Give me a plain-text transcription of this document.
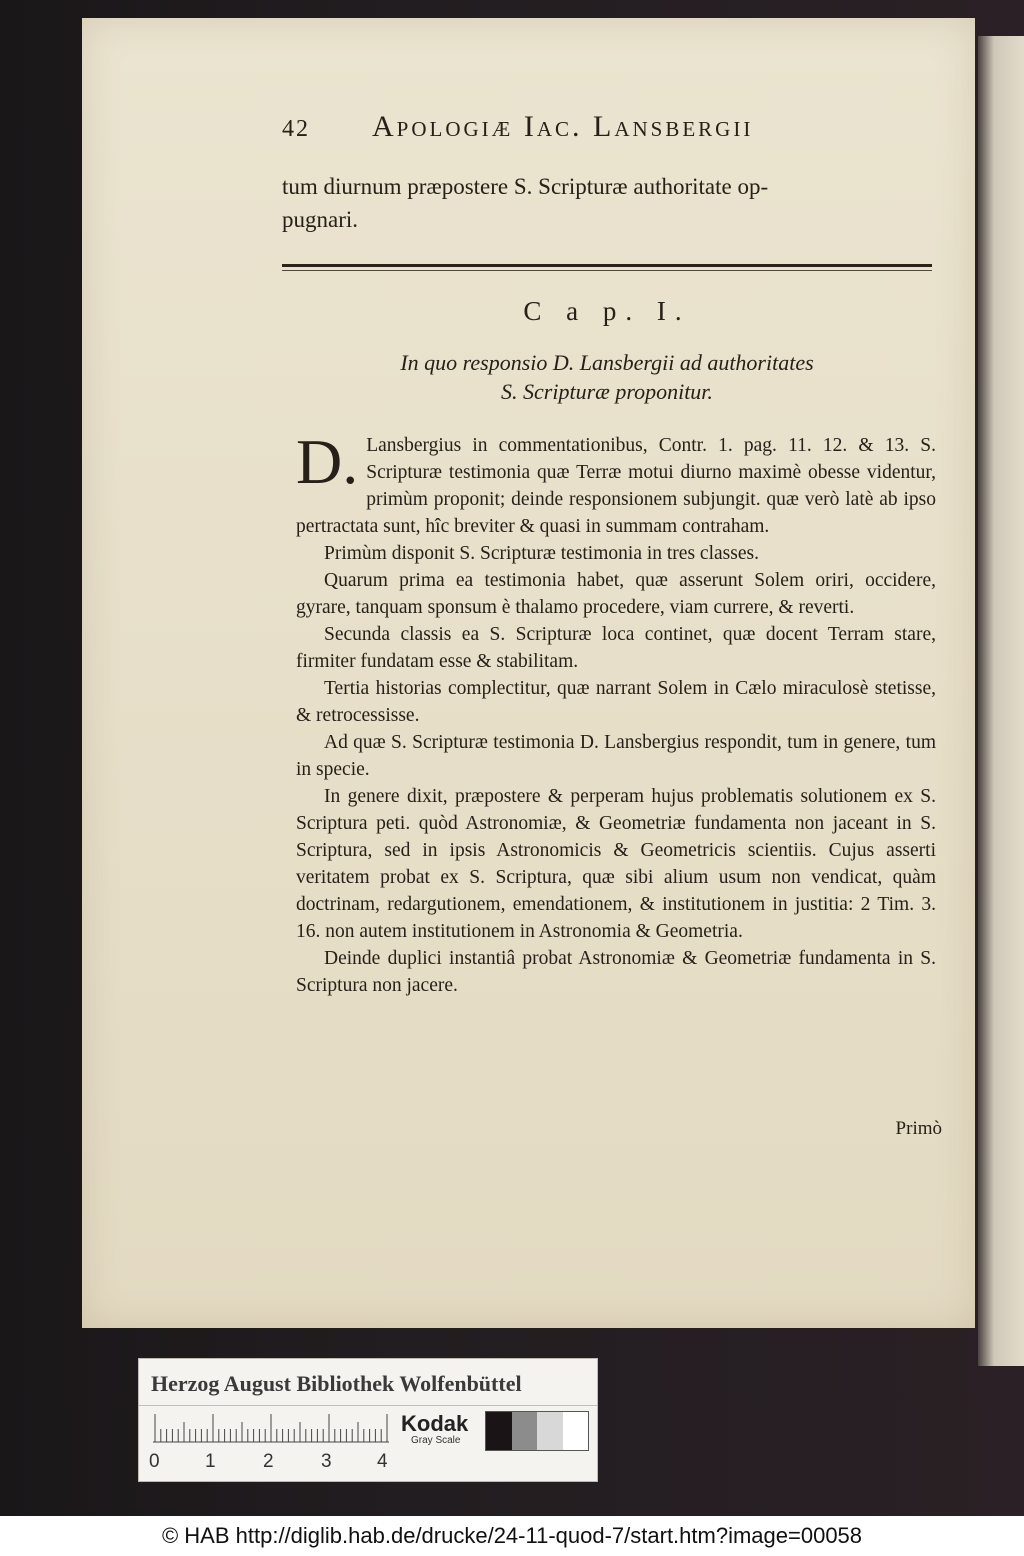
42 Apologiæ Iac. Lansbergii
tum diurnum præpostere S. Scripturæ authoritate op-
pugnari.
C a p. I.
In quo responsio D. Lansbergii ad authoritates
S. Scripturæ proponitur.

D. Lansbergius in commentationibus, Contr. 1. pag. 11. 12. & 13. S. Scripturæ testimonia quæ Terræ motui diurno maximè obesse videntur, primùm proponit; deinde responsionem subjungit. quæ verò latè ab ipso pertractata sunt, hîc breviter & quasi in summam contraham.

Primùm disponit S. Scripturæ testimonia in tres classes.

Quarum prima ea testimonia habet, quæ asserunt Solem oriri, occidere, gyrare, tanquam sponsum è thalamo procedere, viam currere, & reverti.

Secunda classis ea S. Scripturæ loca continet, quæ docent Terram stare, firmiter fundatam esse & stabilitam.

Tertia historias complectitur, quæ narrant Solem in Cælo miraculosè stetisse, & retrocessisse.

Ad quæ S. Scripturæ testimonia D. Lansbergius respondit, tum in genere, tum in specie.

In genere dixit, præpostere & perperam hujus problematis solutionem ex S. Scriptura peti. quòd Astronomiæ, & Geometriæ fundamenta non jaceant in S. Scriptura, sed in ipsis Astronomicis & Geometricis scientiis. Cujus asserti veritatem probat ex S. Scriptura, quæ sibi alium usum non vendicat, quàm doctrinam, redargutionem, emendationem, & institutionem in justitia: 2 Tim. 3. 16. non autem institutionem in Astronomia & Geometria.

Deinde duplici instantiâ probat Astronomiæ & Geometriæ fundamenta in S. Scriptura non jacere.

Primò
Herzog August Bibliothek Wolfenbüttel
0 1 2 3 4
Kodak
Gray Scale
© HAB http://diglib.hab.de/drucke/24-11-quod-7/start.htm?image=00058
